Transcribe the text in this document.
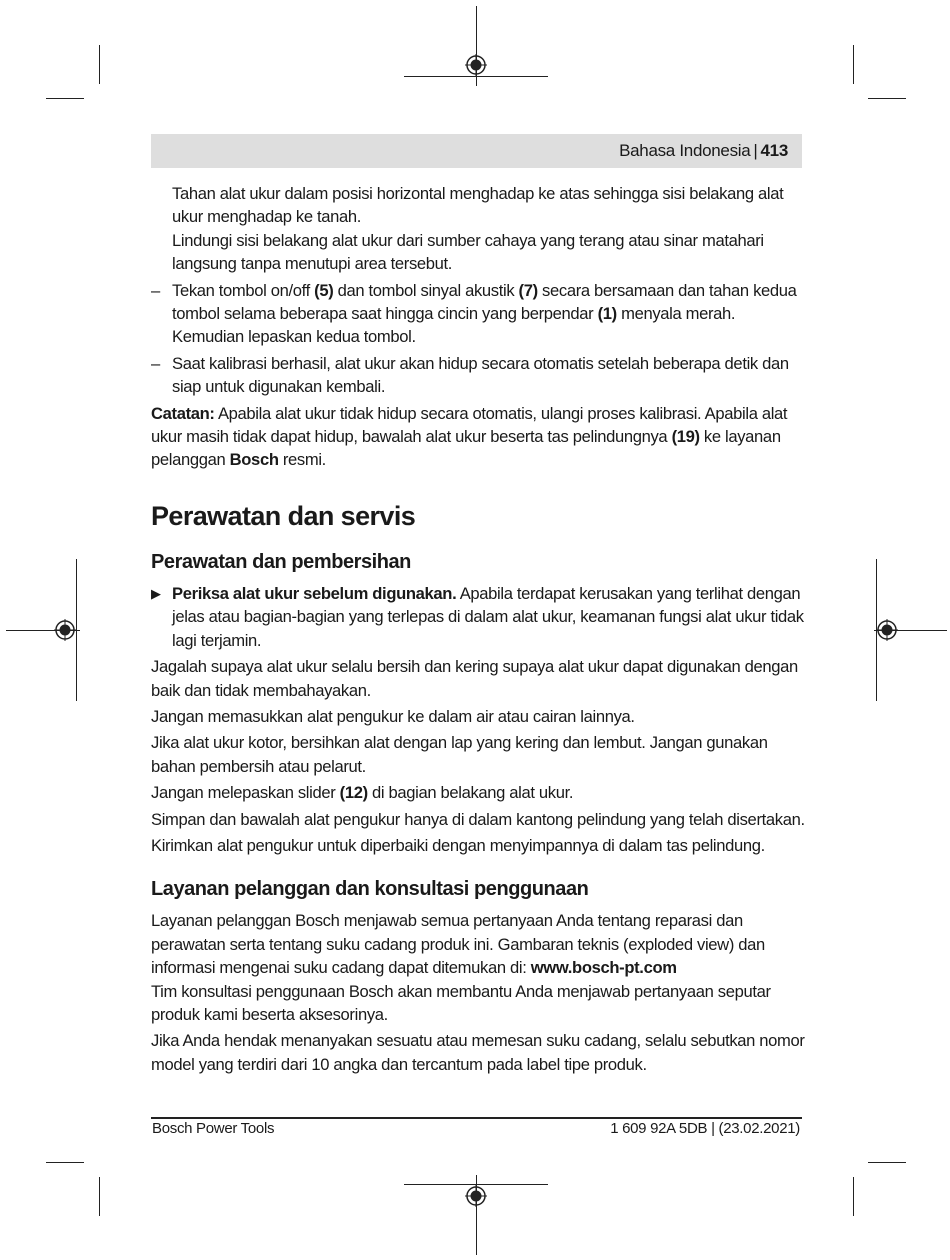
Bahasa Indonesia | 413
Tahan alat ukur dalam posisi horizontal menghadap ke atas sehingga sisi belakang alat ukur menghadap ke tanah.
Lindungi sisi belakang alat ukur dari sumber cahaya yang terang atau sinar matahari langsung tanpa menutupi area tersebut.
– Tekan tombol on/off (5) dan tombol sinyal akustik (7) secara bersamaan dan tahan kedua tombol selama beberapa saat hingga cincin yang berpendar (1) menyala merah. Kemudian lepaskan kedua tombol.
– Saat kalibrasi berhasil, alat ukur akan hidup secara otomatis setelah beberapa detik dan siap untuk digunakan kembali.
Catatan: Apabila alat ukur tidak hidup secara otomatis, ulangi proses kalibrasi. Apabila alat ukur masih tidak dapat hidup, bawalah alat ukur beserta tas pelindungnya (19) ke layanan pelanggan Bosch resmi.
Perawatan dan servis
Perawatan dan pembersihan
▶ Periksa alat ukur sebelum digunakan. Apabila terdapat kerusakan yang terlihat dengan jelas atau bagian-bagian yang terlepas di dalam alat ukur, keamanan fungsi alat ukur tidak lagi terjamin.
Jagalah supaya alat ukur selalu bersih dan kering supaya alat ukur dapat digunakan dengan baik dan tidak membahayakan.
Jangan memasukkan alat pengukur ke dalam air atau cairan lainnya.
Jika alat ukur kotor, bersihkan alat dengan lap yang kering dan lembut. Jangan gunakan bahan pembersih atau pelarut.
Jangan melepaskan slider (12) di bagian belakang alat ukur.
Simpan dan bawalah alat pengukur hanya di dalam kantong pelindung yang telah disertakan.
Kirimkan alat pengukur untuk diperbaiki dengan menyimpannya di dalam tas pelindung.
Layanan pelanggan dan konsultasi penggunaan
Layanan pelanggan Bosch menjawab semua pertanyaan Anda tentang reparasi dan perawatan serta tentang suku cadang produk ini. Gambaran teknis (exploded view) dan informasi mengenai suku cadang dapat ditemukan di: www.bosch-pt.com
Tim konsultasi penggunaan Bosch akan membantu Anda menjawab pertanyaan seputar produk kami beserta aksesorinya.
Jika Anda hendak menanyakan sesuatu atau memesan suku cadang, selalu sebutkan nomor model yang terdiri dari 10 angka dan tercantum pada label tipe produk.
Bosch Power Tools	1 609 92A 5DB | (23.02.2021)
